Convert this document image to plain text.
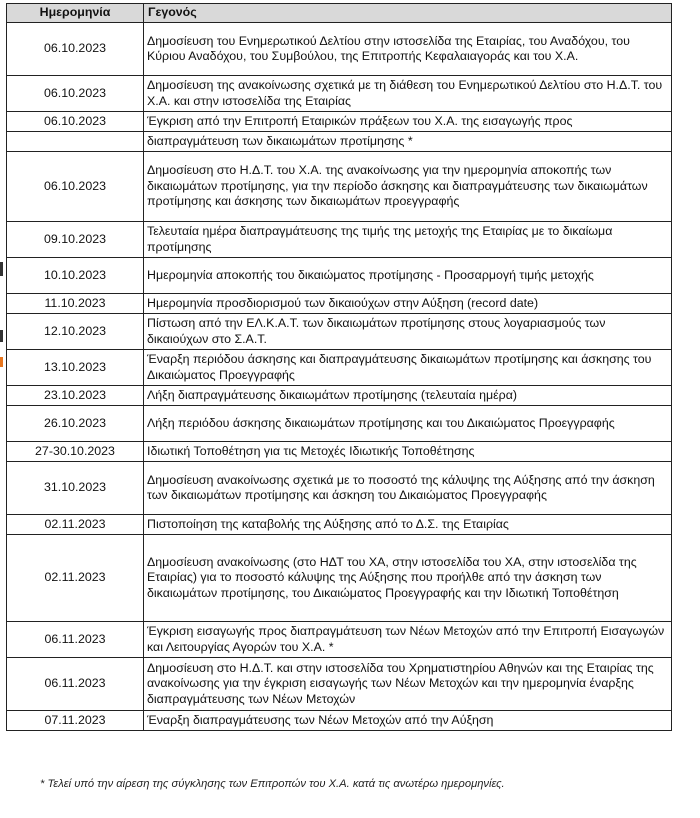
Ημερομηνία	Γεγονός
06.10.2023	Δημοσίευση του Ενημερωτικού Δελτίου στην ιστοσελίδα της Εταιρίας, του Αναδόχου, του Κύριου Αναδόχου, του Συμβούλου, της Επιτροπής Κεφαλαιαγοράς και του Χ.Α.
06.10.2023	Δημοσίευση της ανακοίνωσης σχετικά με τη διάθεση του Ενημερωτικού Δελτίου στο Η.Δ.Τ. του Χ.Α. και στην ιστοσελίδα της Εταιρίας
06.10.2023	Έγκριση από την Επιτροπή Εταιρικών πράξεων του Χ.Α. της εισαγωγής προς
	διαπραγμάτευση των δικαιωμάτων προτίμησης *
06.10.2023	Δημοσίευση στο Η.Δ.Τ. του Χ.Α. της ανακοίνωσης για την ημερομηνία αποκοπής των δικαιωμάτων προτίμησης, για την περίοδο άσκησης και διαπραγμάτευσης των δικαιωμάτων προτίμησης και άσκησης των δικαιωμάτων προεγγραφής
09.10.2023	Τελευταία ημέρα διαπραγμάτευσης της τιμής της μετοχής της Εταιρίας με το δικαίωμα προτίμησης
10.10.2023	Ημερομηνία αποκοπής του δικαιώματος προτίμησης - Προσαρμογή τιμής μετοχής
11.10.2023	Ημερομηνία προσδιορισμού των δικαιούχων στην Αύξηση (record date)
12.10.2023	Πίστωση από την ΕΛ.Κ.Α.Τ. των δικαιωμάτων προτίμησης στους λογαριασμούς των δικαιούχων στο Σ.Α.Τ.
13.10.2023	Έναρξη περιόδου άσκησης και διαπραγμάτευσης δικαιωμάτων προτίμησης και άσκησης του Δικαιώματος Προεγγραφής
23.10.2023	Λήξη διαπραγμάτευσης δικαιωμάτων προτίμησης (τελευταία ημέρα)
26.10.2023	Λήξη περιόδου άσκησης δικαιωμάτων προτίμησης και του Δικαιώματος Προεγγραφής
27-30.10.2023	Ιδιωτική Τοποθέτηση για τις Μετοχές Ιδιωτικής Τοποθέτησης
31.10.2023	Δημοσίευση ανακοίνωσης σχετικά με το ποσοστό της κάλυψης της Αύξησης από την άσκηση των δικαιωμάτων προτίμησης και άσκηση του Δικαιώματος Προεγγραφής
02.11.2023	Πιστοποίηση της καταβολής της Αύξησης από το Δ.Σ. της Εταιρίας
02.11.2023	Δημοσίευση ανακοίνωσης (στο ΗΔΤ του ΧΑ, στην ιστοσελίδα του ΧΑ, στην ιστοσελίδα της Εταιρίας) για το ποσοστό κάλυψης της Αύξησης που προήλθε από την άσκηση των δικαιωμάτων προτίμησης, του Δικαιώματος Προεγγραφής και την Ιδιωτική Τοποθέτηση
06.11.2023	Έγκριση εισαγωγής προς διαπραγμάτευση των Νέων Μετοχών από την Επιτροπή Εισαγωγών και Λειτουργίας Αγορών του Χ.Α. *
06.11.2023	Δημοσίευση στο Η.Δ.Τ. και στην ιστοσελίδα του Χρηματιστηρίου Αθηνών και της Εταιρίας της ανακοίνωσης για την έγκριση εισαγωγής των Νέων Μετοχών και την ημερομηνία έναρξης διαπραγμάτευσης των Νέων Μετοχών
07.11.2023	Έναρξη διαπραγμάτευσης των Νέων Μετοχών από την Αύξηση
* Τελεί υπό την αίρεση της σύγκλησης των Επιτροπών του Χ.Α. κατά τις ανωτέρω ημερομηνίες.
